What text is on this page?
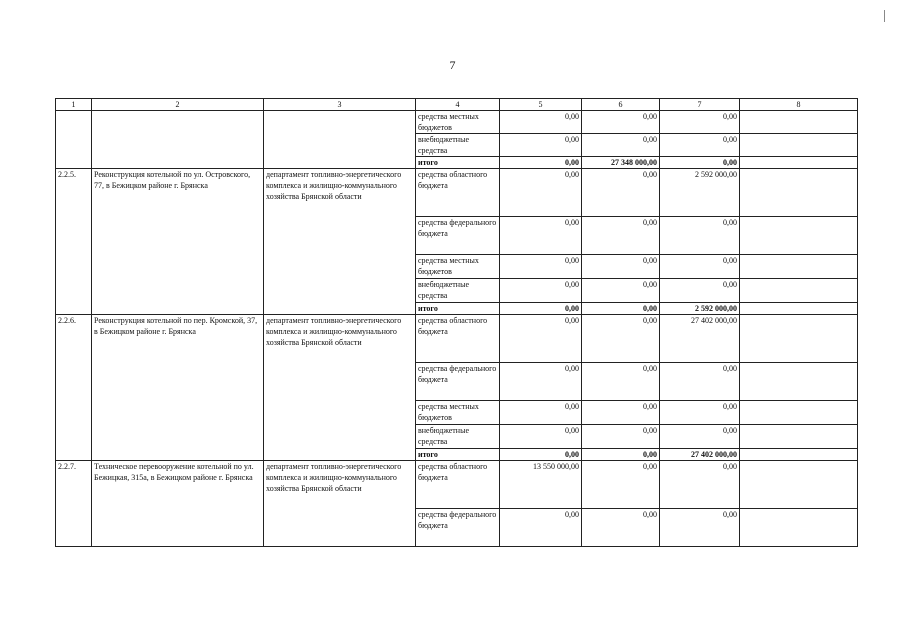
7
1	2	3	4	5	6	7	8
			средства местных бюджетов	0,00	0,00	0,00	
			внебюджетные средства	0,00	0,00	0,00	
			итого	0,00	27 348 000,00	0,00	
2.2.5.	Реконструкция котельной по ул. Островского, 77, в Бежицком районе г. Брянска	департамент топливно-энергетического комплекса и жилищно-коммунального хозяйства Брянской области	средства областного бюджета	0,00	0,00	2 592 000,00	
			средства федерального бюджета	0,00	0,00	0,00	
			средства местных бюджетов	0,00	0,00	0,00	
			внебюджетные средства	0,00	0,00	0,00	
			итого	0,00	0,00	2 592 000,00	
2.2.6.	Реконструкция котельной по пер. Кромской, 37, в Бежицком районе г. Брянска	департамент топливно-энергетического комплекса и жилищно-коммунального хозяйства Брянской области	средства областного бюджета	0,00	0,00	27 402 000,00	
			средства федерального бюджета	0,00	0,00	0,00	
			средства местных бюджетов	0,00	0,00	0,00	
			внебюджетные средства	0,00	0,00	0,00	
			итого	0,00	0,00	27 402 000,00	
2.2.7.	Техническое перевооружение котельной по ул. Бежицкая, 315а, в Бежицком районе г. Брянска	департамент топливно-энергетического комплекса и жилищно-коммунального хозяйства Брянской области	средства областного бюджета	13 550 000,00	0,00	0,00	
			средства федерального бюджета	0,00	0,00	0,00	
